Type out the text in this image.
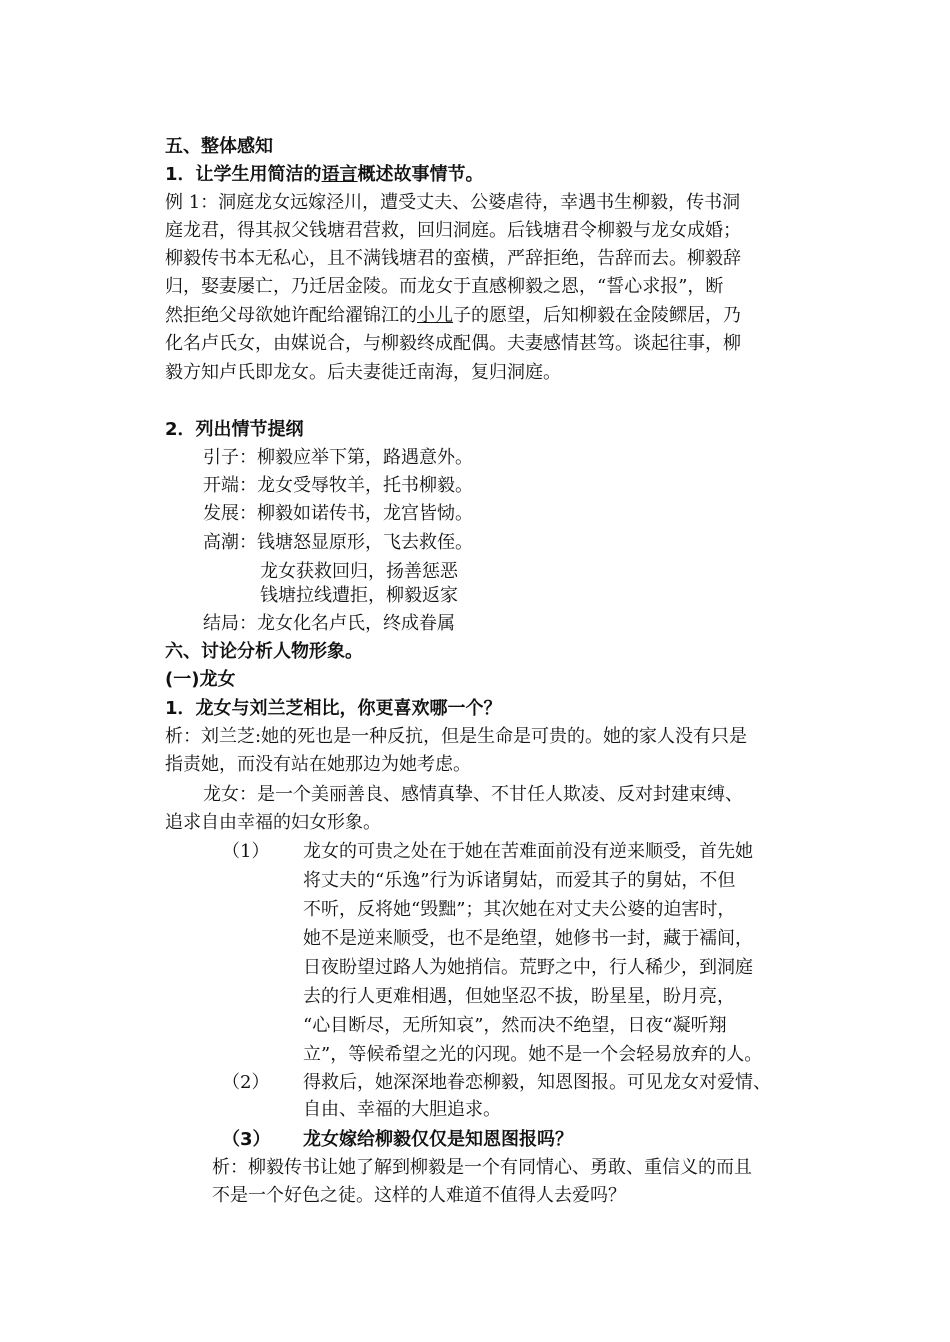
五、整体感知
1．让学生用简洁的语言概述故事情节。
例 1：洞庭龙女远嫁泾川，遭受丈夫、公婆虐待，幸遇书生柳毅，传书洞
庭龙君，得其叔父钱塘君营救，回归洞庭。后钱塘君令柳毅与龙女成婚；
柳毅传书本无私心，且不满钱塘君的蛮横，严辞拒绝，告辞而去。柳毅辞
归，娶妻屡亡，乃迁居金陵。而龙女于直感柳毅之恩，“誓心求报”，断
然拒绝父母欲她许配给濯锦江的小儿子的愿望，后知柳毅在金陵鳏居，乃
化名卢氏女，由媒说合，与柳毅终成配偶。夫妻感情甚笃。谈起往事，柳
毅方知卢氏即龙女。后夫妻徙迁南海，复归洞庭。
2．列出情节提纲
引子：柳毅应举下第，路遇意外。
开端：龙女受辱牧羊，托书柳毅。
发展：柳毅如诺传书，龙宫皆恸。
高潮：钱塘怒显原形，飞去救侄。
龙女获救回归，扬善惩恶
钱塘拉线遭拒，柳毅返家
结局：龙女化名卢氏，终成眷属
六、讨论分析人物形象。
(一)龙女
1．龙女与刘兰芝相比，你更喜欢哪一个？
析：刘兰芝:她的死也是一种反抗，但是生命是可贵的。她的家人没有只是
指责她，而没有站在她那边为她考虑。
龙女：是一个美丽善良、感情真挚、不甘任人欺凌、反对封建束缚、
追求自由幸福的妇女形象。
（1） 龙女的可贵之处在于她在苦难面前没有逆来顺受，首先她
将丈夫的“乐逸”行为诉诸舅姑，而爱其子的舅姑，不但
不听，反将她“毁黜”；其次她在对丈夫公婆的迫害时，
她不是逆来顺受，也不是绝望，她修书一封，藏于襦间，
日夜盼望过路人为她捎信。荒野之中，行人稀少，到洞庭
去的行人更难相遇，但她坚忍不拔，盼星星，盼月亮，
“心目断尽，无所知哀”，然而决不绝望，日夜“凝听翔
立”，等候希望之光的闪现。她不是一个会轻易放弃的人。
（2） 得救后，她深深地眷恋柳毅，知恩图报。可见龙女对爱情、
自由、幸福的大胆追求。
（3） 龙女嫁给柳毅仅仅是知恩图报吗？
析：柳毅传书让她了解到柳毅是一个有同情心、勇敢、重信义的而且
不是一个好色之徒。这样的人难道不值得人去爱吗？
